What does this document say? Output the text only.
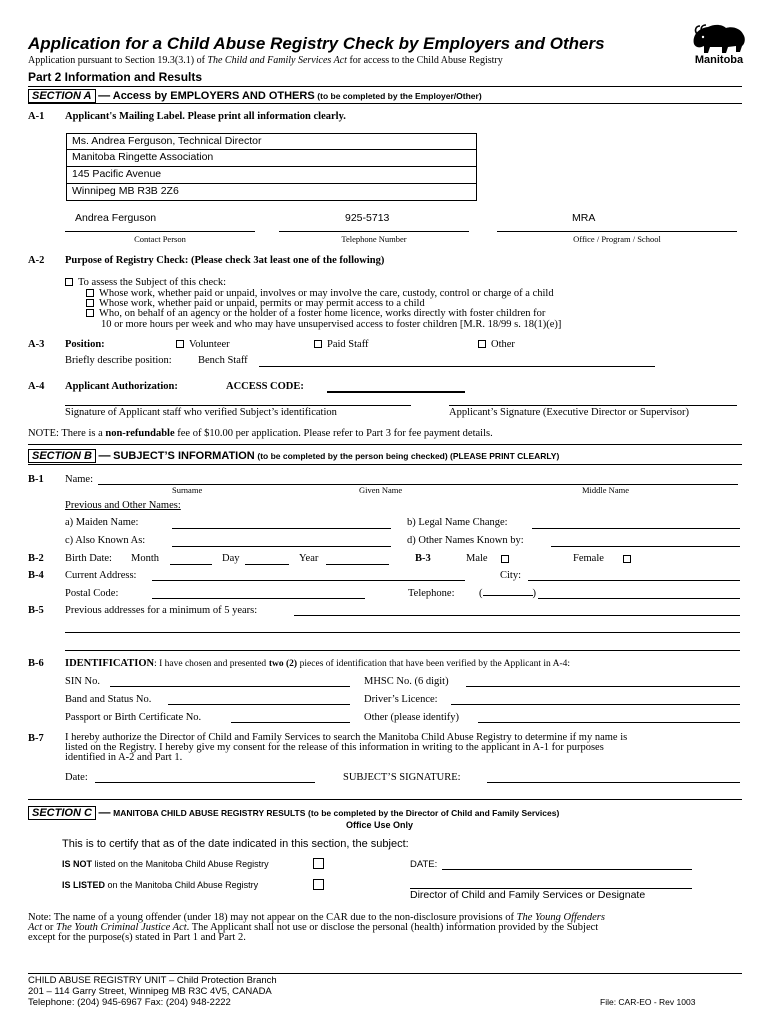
Application for a Child Abuse Registry Check by Employers and Others
Application pursuant to Section 19.3(3.1) of The Child and Family Services Act for access to the Child Abuse Registry	Manitoba
Part 2 Information and Results
SECTION A — Access by EMPLOYERS AND OTHERS (to be completed by the Employer/Other)
A-1 Applicant's Mailing Label. Please print all information clearly.
Ms. Andrea Ferguson, Technical Director
Manitoba Ringette Association
145 Pacific Avenue
Winnipeg MB R3B 2Z6
Andrea Ferguson	925-5713	MRA
Contact Person	Telephone Number	Office / Program / School
A-2 Purpose of Registry Check: (Please check 3at least one of the following)
To assess the Subject of this check:
Whose work, whether paid or unpaid, involves or may involve the care, custody, control or charge of a child
Whose work, whether paid or unpaid, permits or may permit access to a child
Who, on behalf of an agency or the holder of a foster home licence, works directly with foster children for
10 or more hours per week and who may have unsupervised access to foster children [M.R. 18/99 s. 18(1)(e)]
A-3 Position:	Volunteer	Paid Staff	Other
Briefly describe position:	Bench Staff
A-4 Applicant Authorization:	ACCESS CODE:
Signature of Applicant staff who verified Subject’s identification	Applicant’s Signature (Executive Director or Supervisor)
NOTE: There is a non-refundable fee of $10.00 per application. Please refer to Part 3 for fee payment details.
SECTION B — SUBJECT’S INFORMATION (to be completed by the person being checked) (PLEASE PRINT CLEARLY)
B-1 Name:
Surname	Given Name	Middle Name
Previous and Other Names:
a) Maiden Name:	b) Legal Name Change:
c) Also Known As:	d) Other Names Known by:
B-2 Birth Date: Month	Day	Year	B-3	Male	Female
B-4 Current Address:	City:
Postal Code:	Telephone: (	)
B-5 Previous addresses for a minimum of 5 years:
B-6 IDENTIFICATION: I have chosen and presented two (2) pieces of identification that have been verified by the Applicant in A-4:
SIN No.	MHSC No. (6 digit)
Band and Status No.	Driver’s Licence:
Passport or Birth Certificate No.	Other (please identify)
B-7 I hereby authorize the Director of Child and Family Services to search the Manitoba Child Abuse Registry to determine if my name is
listed on the Registry. I hereby give my consent for the release of this information in writing to the applicant in A-1 for purposes
identified in A-2 and Part 1.
Date:	SUBJECT’S SIGNATURE:
SECTION C — MANITOBA CHILD ABUSE REGISTRY RESULTS (to be completed by the Director of Child and Family Services)
Office Use Only
This is to certify that as of the date indicated in this section, the subject:
IS NOT listed on the Manitoba Child Abuse Registry	DATE:
IS LISTED on the Manitoba Child Abuse Registry
Director of Child and Family Services or Designate
Note: The name of a young offender (under 18) may not appear on the CAR due to the non-disclosure provisions of The Young Offenders
Act or The Youth Criminal Justice Act. The Applicant shall not use or disclose the personal (health) information provided by the Subject
except for the purpose(s) stated in Part 1 and Part 2.
CHILD ABUSE REGISTRY UNIT – Child Protection Branch
201 – 114 Garry Street, Winnipeg MB R3C 4V5, CANADA
Telephone: (204) 945-6967 Fax: (204) 948-2222	File: CAR-EO - Rev 1003
